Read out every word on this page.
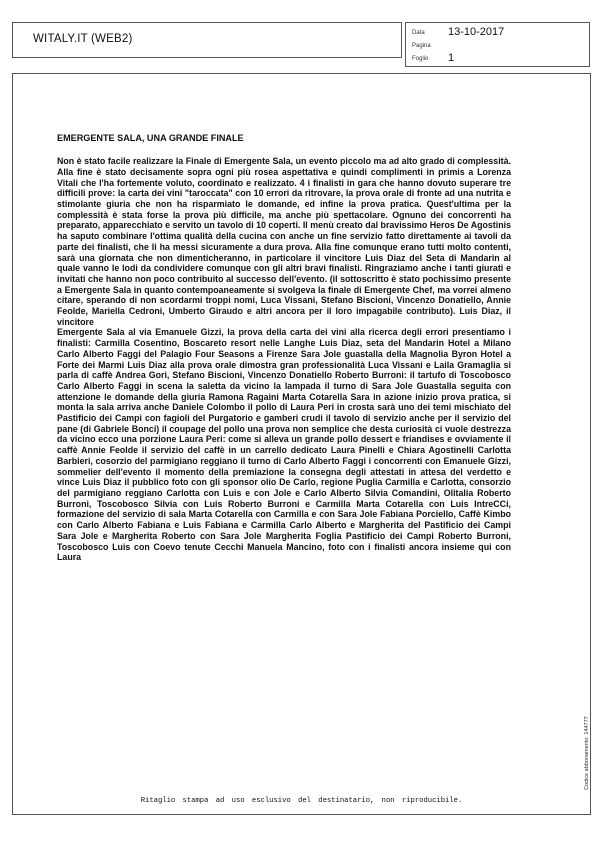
WITALY.IT (WEB2)	Data 13-10-2017
Pagina
Foglio 1

EMERGENTE SALA, UNA GRANDE FINALE

Non è stato facile realizzare la Finale di Emergente Sala, un evento piccolo ma ad alto grado di complessità. Alla fine è stato decisamente sopra ogni più rosea aspettativa e quindi complimenti in primis a Lorenza Vitali che l'ha fortemente voluto, coordinato e realizzato. 4 i finalisti in gara che hanno dovuto superare tre difficili prove: la carta dei vini "taroccata" con 10 errori da ritrovare, la prova orale di fronte ad una nutrita e stimolante giuria che non ha risparmiato le domande, ed infine la prova pratica. Quest'ultima per la complessità è stata forse la prova più difficile, ma anche più spettacolare. Ognuno dei concorrenti ha preparato, apparecchiato e servito un tavolo di 10 coperti. Il menù creato dal bravissimo Heros De Agostinis ha saputo combinare l'ottima qualità della cucina con anche un fine servizio fatto direttamente ai tavoli da parte dei finalisti, che li ha messi sicuramente a dura prova. Alla fine comunque erano tutti molto contenti, sarà una giornata che non dimenticheranno, in particolare il vincitore Luis Diaz del Seta di Mandarin al quale vanno le lodi da condividere comunque con gli altri bravi finalisti. Ringraziamo anche i tanti giurati e invitati che hanno non poco contribuito al successo dell'evento. (il sottoscritto è stato pochissimo presente a Emergente Sala in quanto contempoaneamente si svolgeva la finale di Emergente Chef, ma vorrei almeno citare, sperando di non scordarmi troppi nomi, Luca Vissani, Stefano Biscioni, Vincenzo Donatiello, Annie Feolde, Mariella Cedroni, Umberto Giraudo e altri ancora per il loro impagabile contributo). Luis Diaz, il vincitore
Emergente Sala al via Emanuele Gizzi, la prova della carta dei vini alla ricerca degli errori presentiamo i finalisti: Carmilla Cosentino, Boscareto resort nelle Langhe Luis Diaz, seta del Mandarin Hotel a Milano Carlo Alberto Faggi del Palagio Four Seasons a Firenze Sara Jole guastalla della Magnolia Byron Hotel a Forte dei Marmi Luis Diaz alla prova orale dimostra gran professionalità Luca Vissani e Laila Gramaglia si parla di caffè Andrea Gori, Stefano Biscioni, Vincenzo Donatiello Roberto Burroni: il tartufo di Toscobosco Carlo Alberto Faggi in scena la saletta da vicino la lampada il turno di Sara Jole Guastalla seguita con attenzione le domande della giuria Ramona Ragaini Marta Cotarella Sara in azione inizio prova pratica, si monta la sala arriva anche Daniele Colombo il pollo di Laura Peri in crosta sarà uno dei temi mischiato del Pastificio dei Campi con fagioli del Purgatorio e gamberi crudi il tavolo di servizio anche per il servizio del pane (di Gabriele Bonci) il coupage del pollo una prova non semplice che desta curiosità ci vuole destrezza da vicino ecco una porzione Laura Peri: come si alleva un grande pollo dessert e friandises e ovviamente il caffè Annie Feolde il servizio del caffè in un carrello dedicato Laura Pinelli e Chiara Agostinelli Carlotta Barbieri, cosorzio del parmigiano reggiano il turno di Carlo Alberto Faggi i concorrenti con Emanuele Gizzi, sommelier dell'evento il momento della premiazione la consegna degli attestati in attesa del verdetto e vince Luis Diaz il pubblico foto con gli sponsor olio De Carlo, regione Puglia Carmilla e Carlotta, consorzio del parmigiano reggiano Carlotta con Luis e con Jole e Carlo Alberto Silvia Comandini, Olitalia Roberto Burroni, Toscobosco Silvia con Luis Roberto Burroni e Carmilla Marta Cotarella con Luis IntreCCi, formazione del servizio di sala Marta Cotarella con Carmilla e con Sara Jole Fabiana Porciello, Caffè Kimbo con Carlo Alberto Fabiana e Luis Fabiana e Carmilla Carlo Alberto e Margherita del Pastificio dei Campi Sara Jole e Margherita Roberto con Sara Jole Margherita Foglia Pastificio dei Campi Roberto Burroni, Toscobosco Luis con Coevo tenute Cecchi Manuela Mancino, foto con i finalisti ancora insieme qui con Laura

Codice abbonamento: 144777
Ritaglio stampa ad uso esclusivo del destinatario, non riproducibile.
